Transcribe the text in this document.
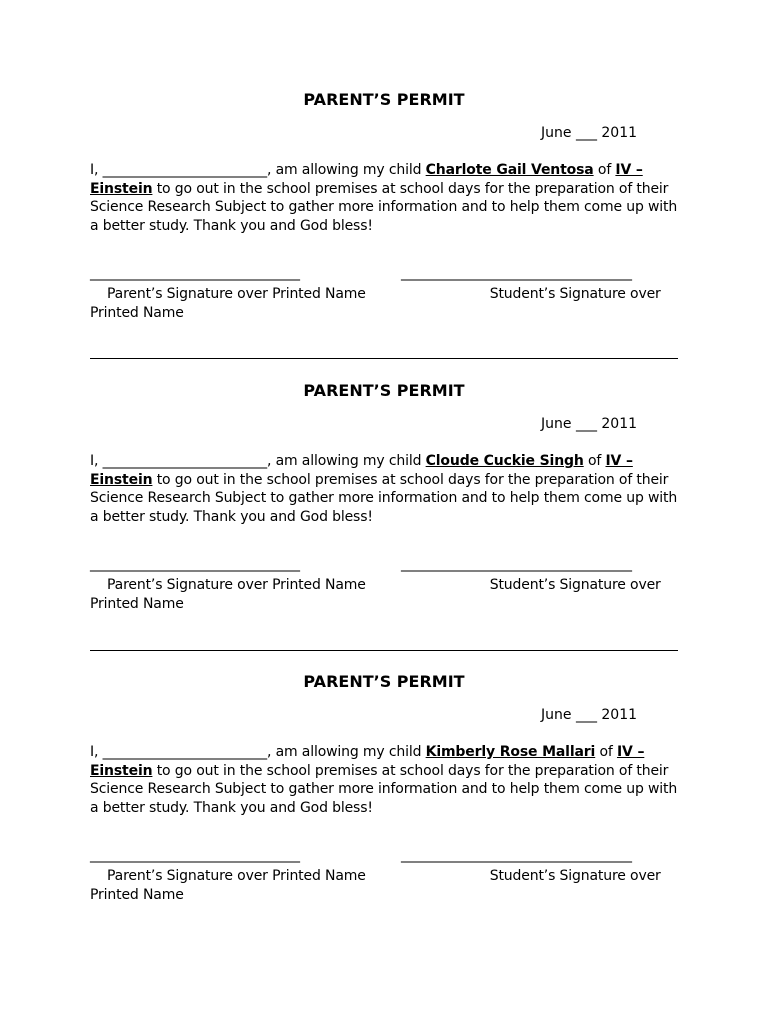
PARENT’S PERMIT
June ___ 2011
I, ________________________, am allowing my child Charlote Gail Ventosa of IV – Einstein to go out in the school premises at school days for the preparation of their Science Research Subject to gather more information and to help them come up with a better study. Thank you and God bless!
______________________________	_________________________________
Parent’s Signature over Printed Name	Student’s Signature over Printed Name
PARENT’S PERMIT
June ___ 2011
I, ________________________, am allowing my child Cloude Cuckie Singh of IV – Einstein to go out in the school premises at school days for the preparation of their Science Research Subject to gather more information and to help them come up with a better study. Thank you and God bless!
______________________________	_________________________________
Parent’s Signature over Printed Name	Student’s Signature over Printed Name
PARENT’S PERMIT
June ___ 2011
I, ________________________, am allowing my child Kimberly Rose Mallari of IV – Einstein to go out in the school premises at school days for the preparation of their Science Research Subject to gather more information and to help them come up with a better study. Thank you and God bless!
______________________________	_________________________________
Parent’s Signature over Printed Name	Student’s Signature over Printed Name
